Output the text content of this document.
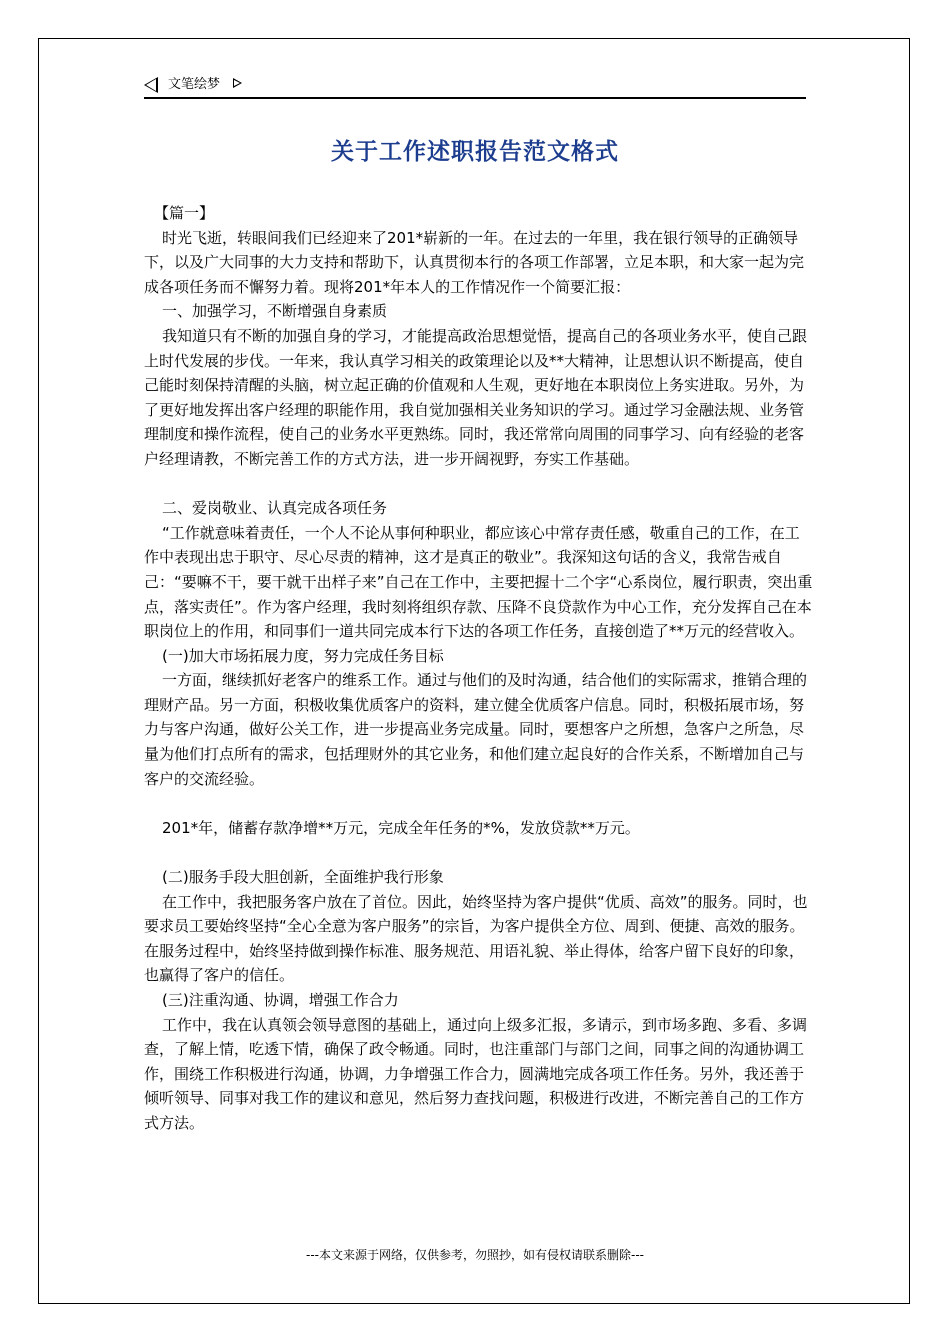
文笔绘梦
关于工作述职报告范文格式

【篇一】

时光飞逝，转眼间我们已经迎来了201*崭新的一年。在过去的一年里，我在银行领导的正确领导下，以及广大同事的大力支持和帮助下，认真贯彻本行的各项工作部署，立足本职，和大家一起为完成各项任务而不懈努力着。现将201*年本人的工作情况作一个简要汇报：

一、加强学习，不断增强自身素质

我知道只有不断的加强自身的学习，才能提高政治思想觉悟，提高自己的各项业务水平，使自己跟上时代发展的步伐。一年来，我认真学习相关的政策理论以及**大精神，让思想认识不断提高，使自己能时刻保持清醒的头脑，树立起正确的价值观和人生观，更好地在本职岗位上务实进取。另外，为了更好地发挥出客户经理的职能作用，我自觉加强相关业务知识的学习。通过学习金融法规、业务管理制度和操作流程，使自己的业务水平更熟练。同时，我还常常向周围的同事学习、向有经验的老客户经理请教，不断完善工作的方式方法，进一步开阔视野，夯实工作基础。

二、爱岗敬业、认真完成各项任务

“工作就意味着责任，一个人不论从事何种职业，都应该心中常存责任感，敬重自己的工作，在工作中表现出忠于职守、尽心尽责的精神，这才是真正的敬业”。我深知这句话的含义，我常告戒自己：“要嘛不干，要干就干出样子来”自己在工作中，主要把握十二个字“心系岗位，履行职责，突出重点，落实责任”。作为客户经理，我时刻将组织存款、压降不良贷款作为中心工作，充分发挥自己在本职岗位上的作用，和同事们一道共同完成本行下达的各项工作任务，直接创造了**万元的经营收入。

(一)加大市场拓展力度，努力完成任务目标

一方面，继续抓好老客户的维系工作。通过与他们的及时沟通，结合他们的实际需求，推销合理的理财产品。另一方面，积极收集优质客户的资料，建立健全优质客户信息。同时，积极拓展市场，努力与客户沟通，做好公关工作，进一步提高业务完成量。同时，要想客户之所想，急客户之所急，尽量为他们打点所有的需求，包括理财外的其它业务，和他们建立起良好的合作关系，不断增加自己与客户的交流经验。

201*年，储蓄存款净增**万元，完成全年任务的*%，发放贷款**万元。

(二)服务手段大胆创新，全面维护我行形象

在工作中，我把服务客户放在了首位。因此，始终坚持为客户提供“优质、高效”的服务。同时，也要求员工要始终坚持“全心全意为客户服务”的宗旨，为客户提供全方位、周到、便捷、高效的服务。在服务过程中，始终坚持做到操作标准、服务规范、用语礼貌、举止得体，给客户留下良好的印象，也赢得了客户的信任。

(三)注重沟通、协调，增强工作合力

工作中，我在认真领会领导意图的基础上，通过向上级多汇报，多请示，到市场多跑、多看、多调查，了解上情，吃透下情，确保了政令畅通。同时，也注重部门与部门之间，同事之间的沟通协调工作，围绕工作积极进行沟通，协调，力争增强工作合力，圆满地完成各项工作任务。另外，我还善于倾听领导、同事对我工作的建议和意见，然后努力查找问题，积极进行改进，不断完善自己的工作方式方法。

---本文来源于网络，仅供参考，勿照抄，如有侵权请联系删除---
